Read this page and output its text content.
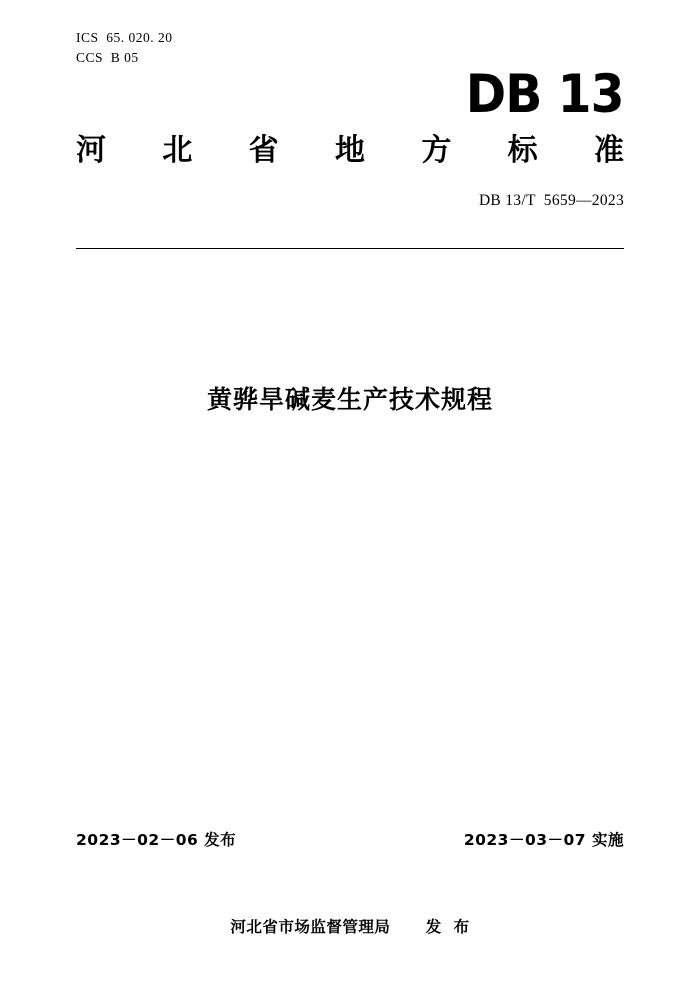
ICS  65. 020. 20
CCS  B 05
DB 13
河 北 省 地 方 标 准
DB 13/T  5659—2023
黄骅旱碱麦生产技术规程
2023－02－06 发布	2023－03－07 实施
河北省市场监督管理局      发  布
